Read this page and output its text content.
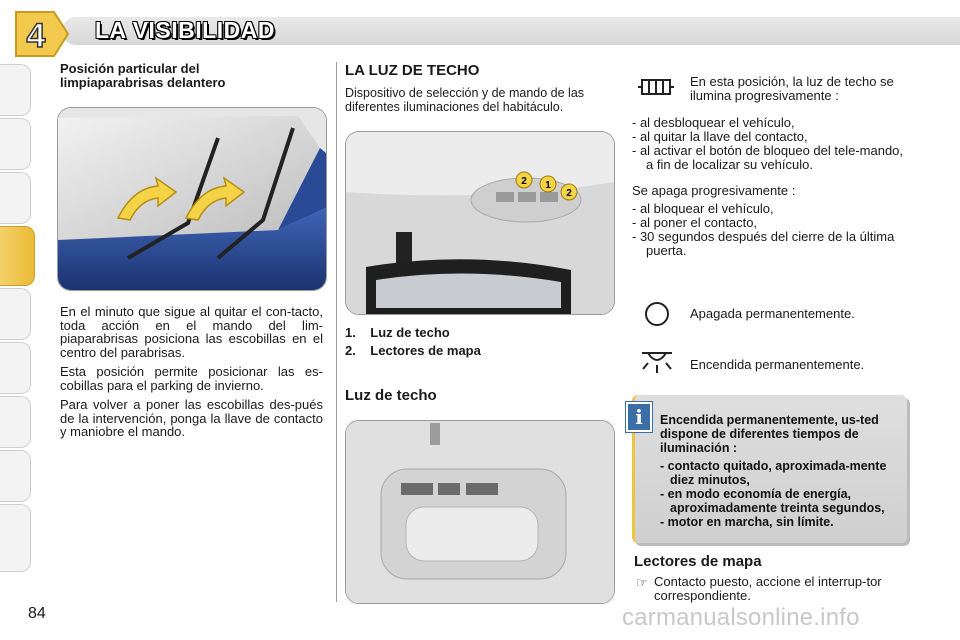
4 LA VISIBILIDAD
Posición particular del
limpiaparabrisas delantero

En el minuto que sigue al quitar el con-tacto, toda acción en el mando del lim-piaparabrisas posiciona las escobillas en el centro del parabrisas.

Esta posición permite posicionar las es-cobillas para el parking de invierno.

Para volver a poner las escobillas des-pués de la intervención, ponga la llave de contacto y maniobre el mando.

LA LUZ DE TECHO
Dispositivo de selección y de mando de las diferentes iluminaciones del habitáculo.
2 1
2
1. Luz de techo
2. Lectores de mapa
Luz de techo
En esta posición, la luz de techo se ilumina progresivamente :
- al desbloquear el vehículo,
- al quitar la llave del contacto,
- al activar el botón de bloqueo del tele-mando, a fin de localizar su vehículo.
Se apaga progresivamente :
- al bloquear el vehículo,
- al poner el contacto,
- 30 segundos después del cierre de la última puerta.
Apagada permanentemente.
Encendida permanentemente.
i	Encendida permanentemente, us-ted dispone de diferentes tiempos de iluminación :
- contacto quitado, aproximada-mente diez minutos,
- en modo economía de energía, aproximadamente treinta segundos,
- motor en marcha, sin límite.
Lectores de mapa
☞ Contacto puesto, accione el interrup-tor correspondiente.
84	carmanualsonline.info
